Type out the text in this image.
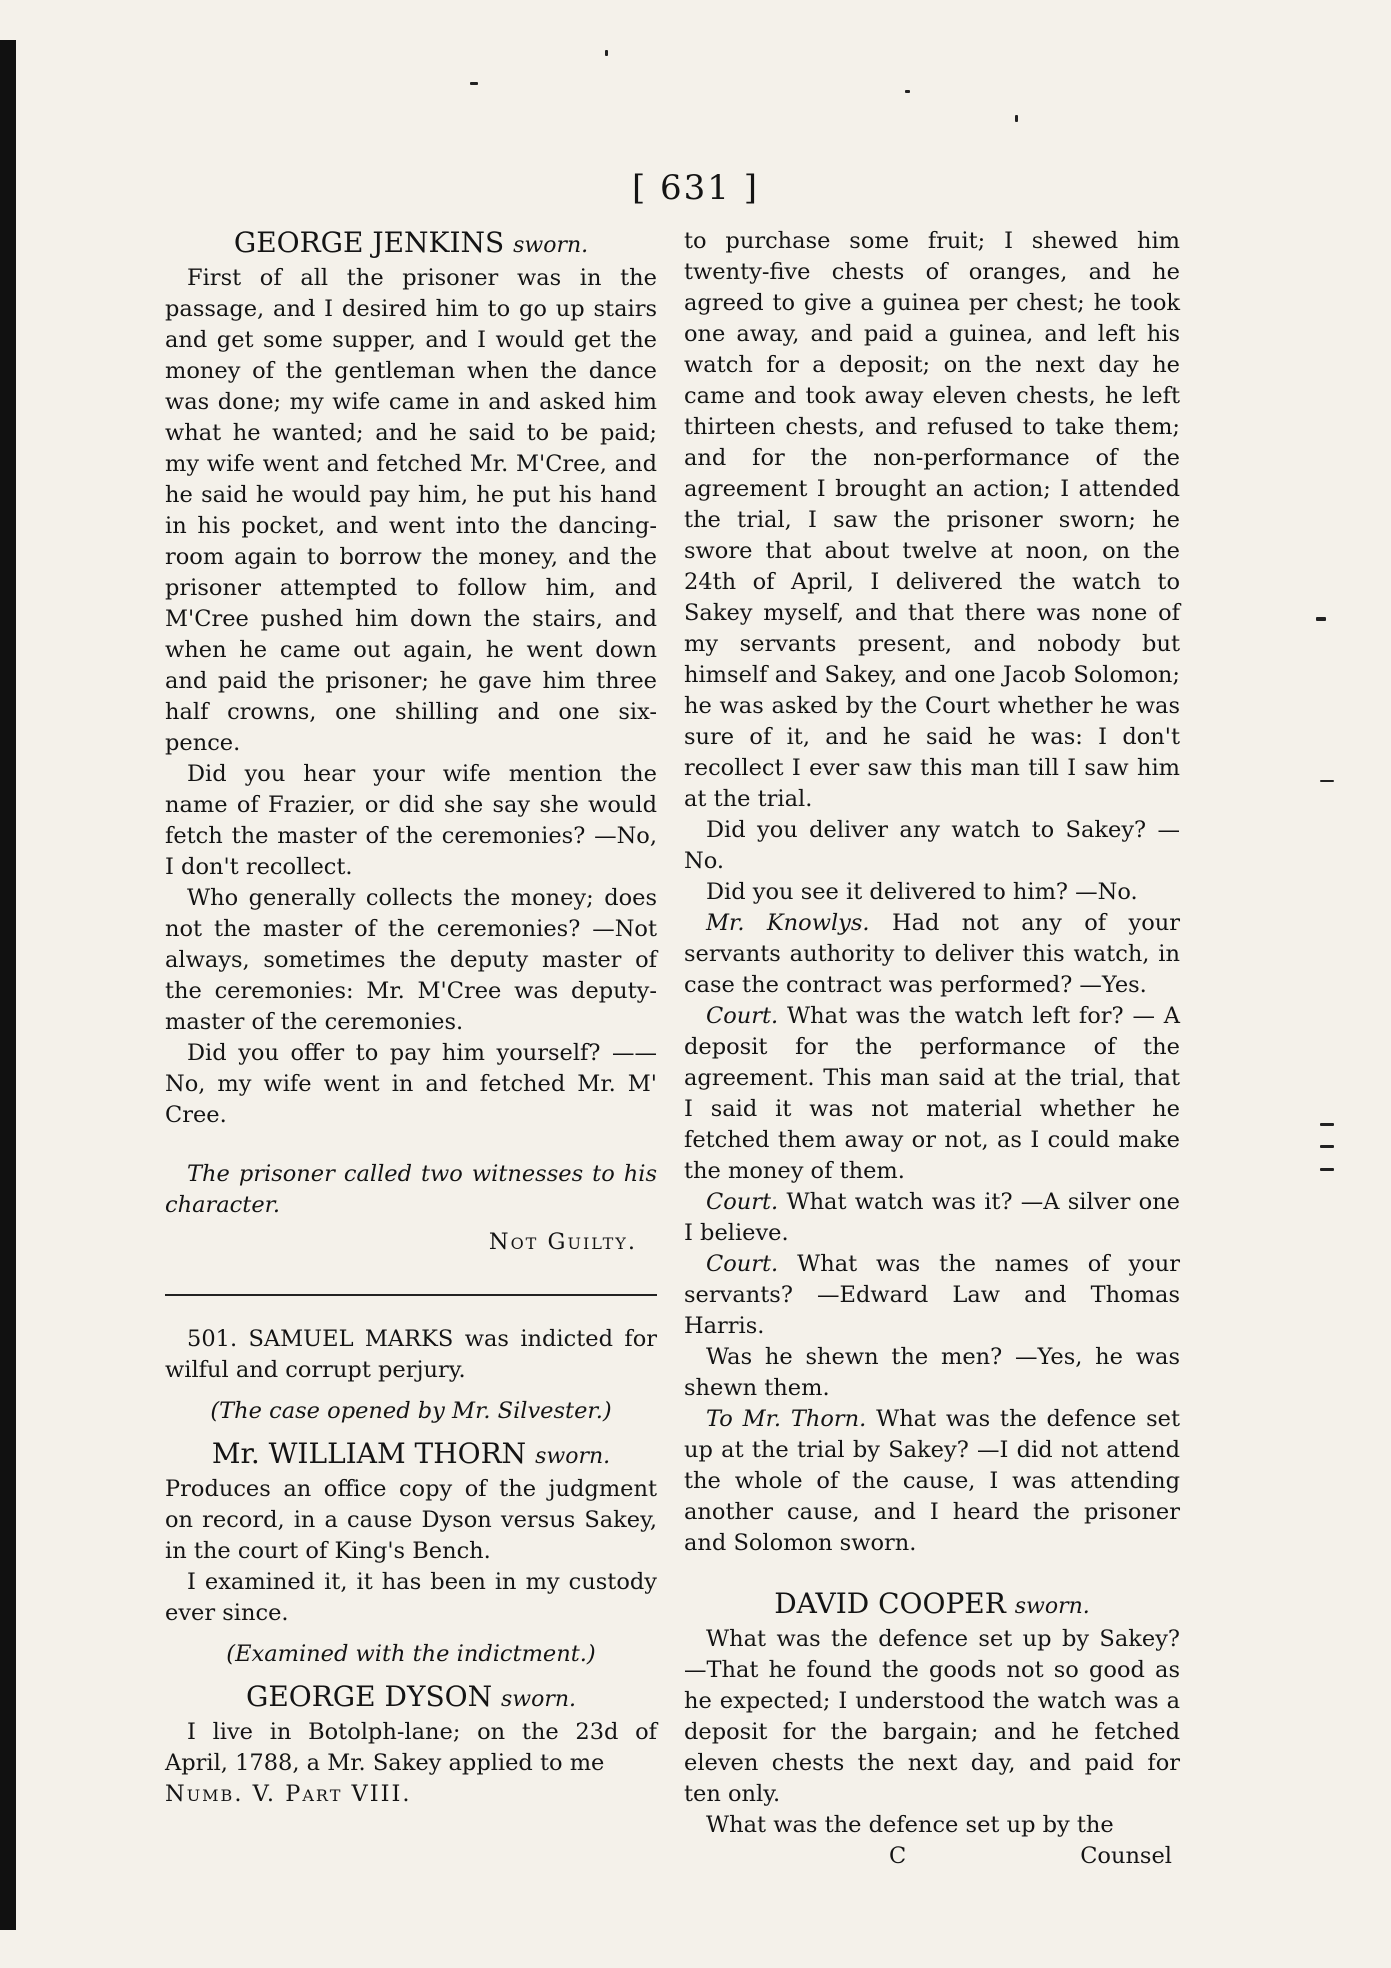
[ 631 ]

GEORGE JENKINS sworn.

First of all the prisoner was in the passage, and I desired him to go up stairs and get some supper, and I would get the money of the gentleman when the dance was done; my wife came in and asked him what he wanted; and he said to be paid; my wife went and fetched Mr. M'Cree, and he said he would pay him, he put his hand in his pocket, and went into the dancing-room again to borrow the money, and the prisoner attempted to follow him, and M'Cree pushed him down the stairs, and when he came out again, he went down and paid the prisoner; he gave him three half crowns, one shilling and one six-pence.

Did you hear your wife mention the name of Frazier, or did she say she would fetch the master of the ceremonies? —No, I don't recollect.

Who generally collects the money; does not the master of the ceremonies? —Not always, sometimes the deputy master of the ceremonies: Mr. M'Cree was deputy-master of the ceremonies.

Did you offer to pay him yourself? —— No, my wife went in and fetched Mr. M' Cree.

The prisoner called two witnesses to his character.

Not Guilty.

501. SAMUEL MARKS was indicted for wilful and corrupt perjury.

(The case opened by Mr. Silvester.)

Mr. WILLIAM THORN sworn.

Produces an office copy of the judgment on record, in a cause Dyson versus Sakey, in the court of King's Bench.

I examined it, it has been in my custody ever since.

(Examined with the indictment.)

GEORGE DYSON sworn.

I live in Botolph-lane; on the 23d of April, 1788, a Mr. Sakey applied to me

Numb. V. Part VIII.

to purchase some fruit; I shewed him twenty-five chests of oranges, and he agreed to give a guinea per chest; he took one away, and paid a guinea, and left his watch for a deposit; on the next day he came and took away eleven chests, he left thirteen chests, and refused to take them; and for the non-performance of the agreement I brought an action; I attended the trial, I saw the prisoner sworn; he swore that about twelve at noon, on the 24th of April, I delivered the watch to Sakey myself, and that there was none of my servants present, and nobody but himself and Sakey, and one Jacob Solomon; he was asked by the Court whether he was sure of it, and he said he was: I don't recollect I ever saw this man till I saw him at the trial.

Did you deliver any watch to Sakey? — No.

Did you see it delivered to him? —No.

Mr. Knowlys. Had not any of your servants authority to deliver this watch, in case the contract was performed? —Yes.

Court. What was the watch left for? — A deposit for the performance of the agreement. This man said at the trial, that I said it was not material whether he fetched them away or not, as I could make the money of them.

Court. What watch was it? —A silver one I believe.

Court. What was the names of your servants? —Edward Law and Thomas Harris.

Was he shewn the men? —Yes, he was shewn them.

To Mr. Thorn. What was the defence set up at the trial by Sakey? —I did not attend the whole of the cause, I was attending another cause, and I heard the prisoner and Solomon sworn.

DAVID COOPER sworn.

What was the defence set up by Sakey? —That he found the goods not so good as he expected; I understood the watch was a deposit for the bargain; and he fetched eleven chests the next day, and paid for ten only.

What was the defence set up by the

C	Counsel
